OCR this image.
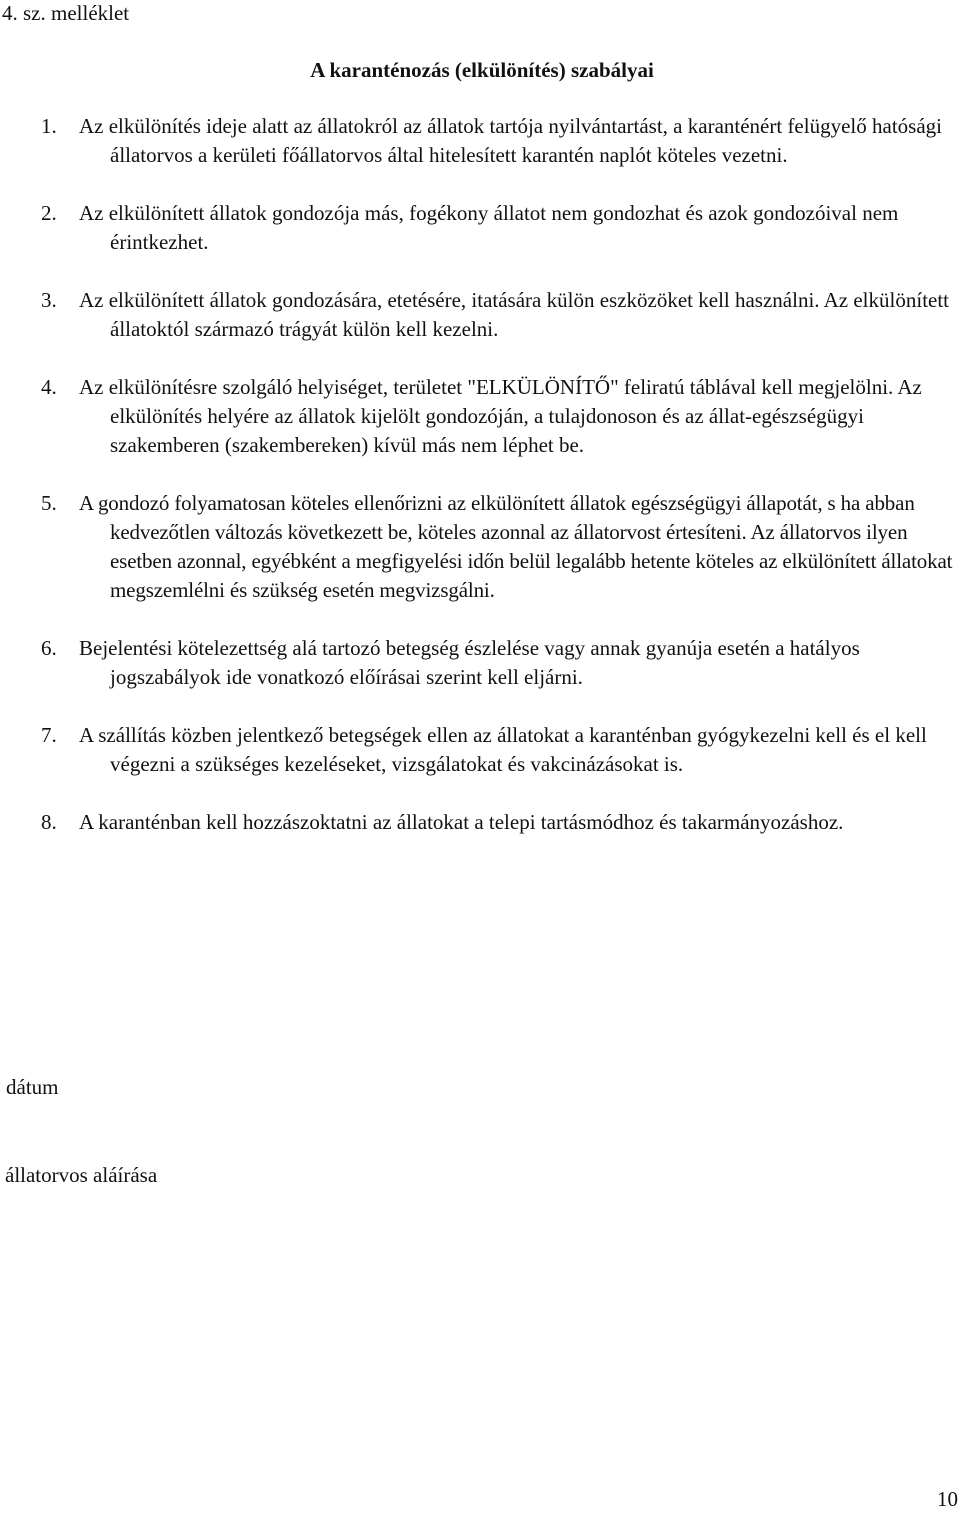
4. sz. melléklet

A karanténozás (elkülönítés) szabályai
1. Az elkülönítés ideje alatt az állatokról az állatok tartója nyilvántartást, a karanténért felügyelő hatósági állatorvos a kerületi főállatorvos által hitelesített karantén naplót köteles vezetni.
2. Az elkülönített állatok gondozója más, fogékony állatot nem gondozhat és azok gondozóival nem érintkezhet.
3. Az elkülönített állatok gondozására, etetésére, itatására külön eszközöket kell használni. Az elkülönített állatoktól származó trágyát külön kell kezelni.
4. Az elkülönítésre szolgáló helyiséget, területet "ELKÜLÖNÍTŐ" feliratú táblával kell megjelölni. Az elkülönítés helyére az állatok kijelölt gondozóján, a tulajdonoson és az állat-egészségügyi szakemberen (szakembereken) kívül más nem léphet be.
5. A gondozó folyamatosan köteles ellenőrizni az elkülönített állatok egészségügyi állapotát, s ha abban kedvezőtlen változás következett be, köteles azonnal az állatorvost értesíteni. Az állatorvos ilyen esetben azonnal, egyébként a megfigyelési időn belül legalább hetente köteles az elkülönített állatokat megszemlélni és szükség esetén megvizsgálni.
6. Bejelentési kötelezettség alá tartozó betegség észlelése vagy annak gyanúja esetén a hatályos jogszabályok ide vonatkozó előírásai szerint kell eljárni.
7. A szállítás közben jelentkező betegségek ellen az állatokat a karanténban gyógykezelni kell és el kell végezni a szükséges kezeléseket, vizsgálatokat és vakcinázásokat is.
8. A karanténban kell hozzászoktatni az állatokat a telepi tartásmódhoz és takarmányozáshoz.

dátum

állatorvos aláírása

10
